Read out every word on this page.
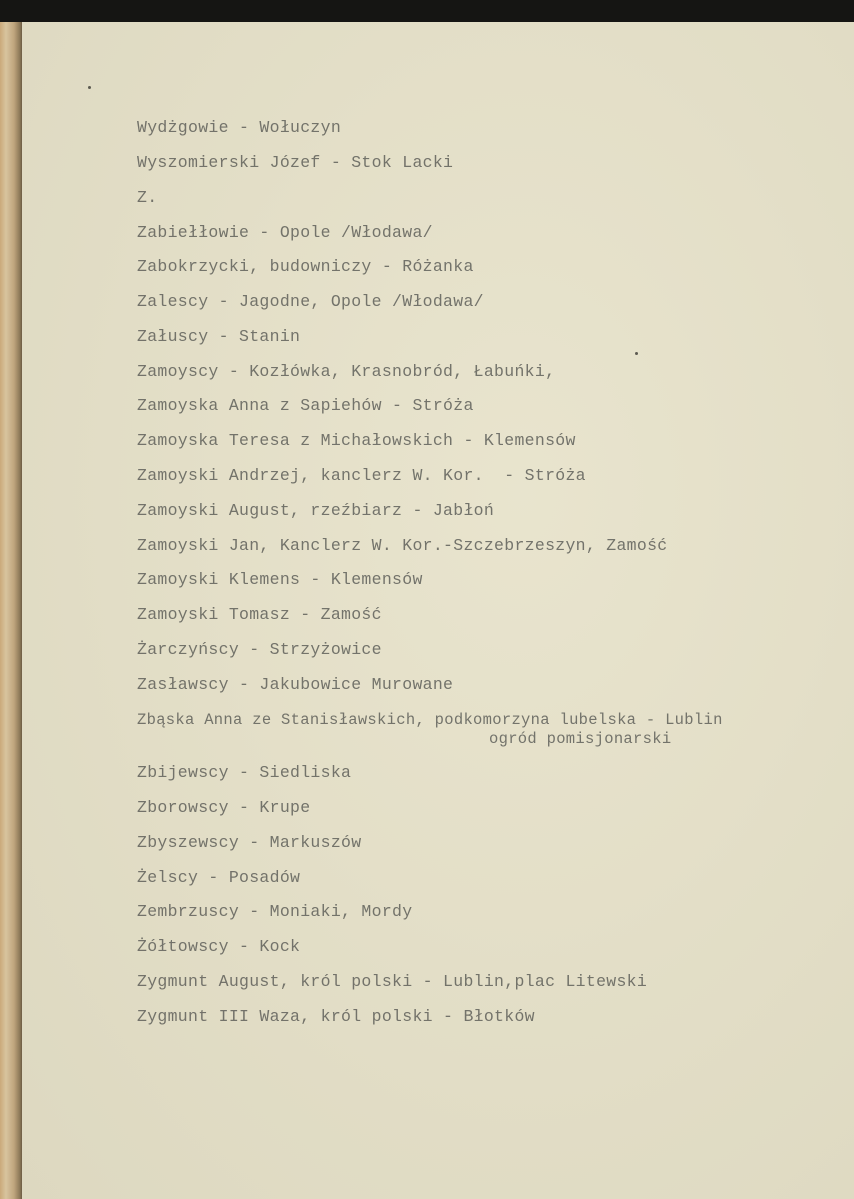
Wydżgowie - Wołuczyn

Wyszomierski Józef - Stok Lacki

Z.

Zabiełłowie - Opole /Włodawa/

Zabokrzycki, budowniczy - Różanka

Zalescy - Jagodne, Opole /Włodawa/

Załuscy - Stanin

Zamoyscy - Kozłówka, Krasnobród, Łabuńki,

Zamoyska Anna z Sapiehów - Stróża

Zamoyska Teresa z Michałowskich - Klemensów

Zamoyski Andrzej, kanclerz W. Kor.  - Stróża

Zamoyski August, rzeźbiarz - Jabłoń

Zamoyski Jan, Kanclerz W. Kor.-Szczebrzeszyn, Zamość

Zamoyski Klemens - Klemensów

Zamoyski Tomasz - Zamość

Żarczyńscy - Strzyżowice

Zasławscy - Jakubowice Murowane

Zbąska Anna ze Stanisławskich, podkomorzyna lubelska - Lublin

ogród pomisjonarski

Zbijewscy - Siedliska

Zborowscy - Krupe

Zbyszewscy - Markuszów

Żelscy - Posadów

Zembrzuscy - Moniaki, Mordy

Żółtowscy - Kock

Zygmunt August, król polski - Lublin,plac Litewski

Zygmunt III Waza, król polski - Błotków
